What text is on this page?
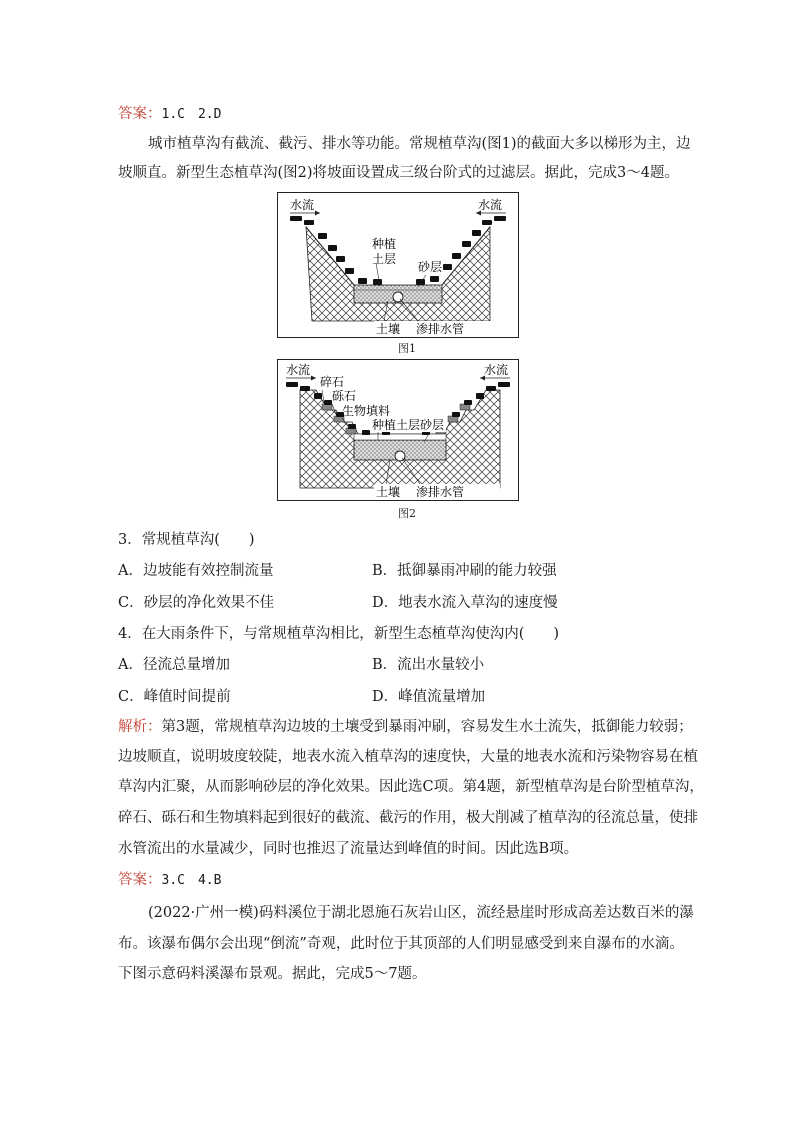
答案：1.C　2.D
城市植草沟有截流、截污、排水等功能。常规植草沟(图1)的截面大多以梯形为主，边
坡顺直。新型生态植草沟(图2)将坡面设置成三级台阶式的过滤层。据此，完成3～4题。
水流	水流
种植
土层
砂层
土壤 渗排水管
图1
水流	水流
碎石
砾石
生物填料
种植土层 砂层
土壤 渗排水管
图2
3．常规植草沟(　　)
A．边坡能有效控制流量	B．抵御暴雨冲刷的能力较强
C．砂层的净化效果不佳	D．地表水流入草沟的速度慢
4．在大雨条件下，与常规植草沟相比，新型生态植草沟使沟内(　　)
A．径流总量增加	B．流出水量较小
C．峰值时间提前	D．峰值流量增加
解析：第3题，常规植草沟边坡的土壤受到暴雨冲刷，容易发生水土流失，抵御能力较弱；
边坡顺直，说明坡度较陡，地表水流入植草沟的速度快，大量的地表水流和污染物容易在植
草沟内汇聚，从而影响砂层的净化效果。因此选C项。第4题，新型植草沟是台阶型植草沟，
碎石、砾石和生物填料起到很好的截流、截污的作用，极大削减了植草沟的径流总量，使排
水管流出的水量减少，同时也推迟了流量达到峰值的时间。因此选B项。
答案：3.C　4.B
(2022·广州一模)码料溪位于湖北恩施石灰岩山区，流经悬崖时形成高差达数百米的瀑
布。该瀑布偶尔会出现“倒流”奇观，此时位于其顶部的人们明显感受到来自瀑布的水滴。
下图示意码料溪瀑布景观。据此，完成5～7题。
